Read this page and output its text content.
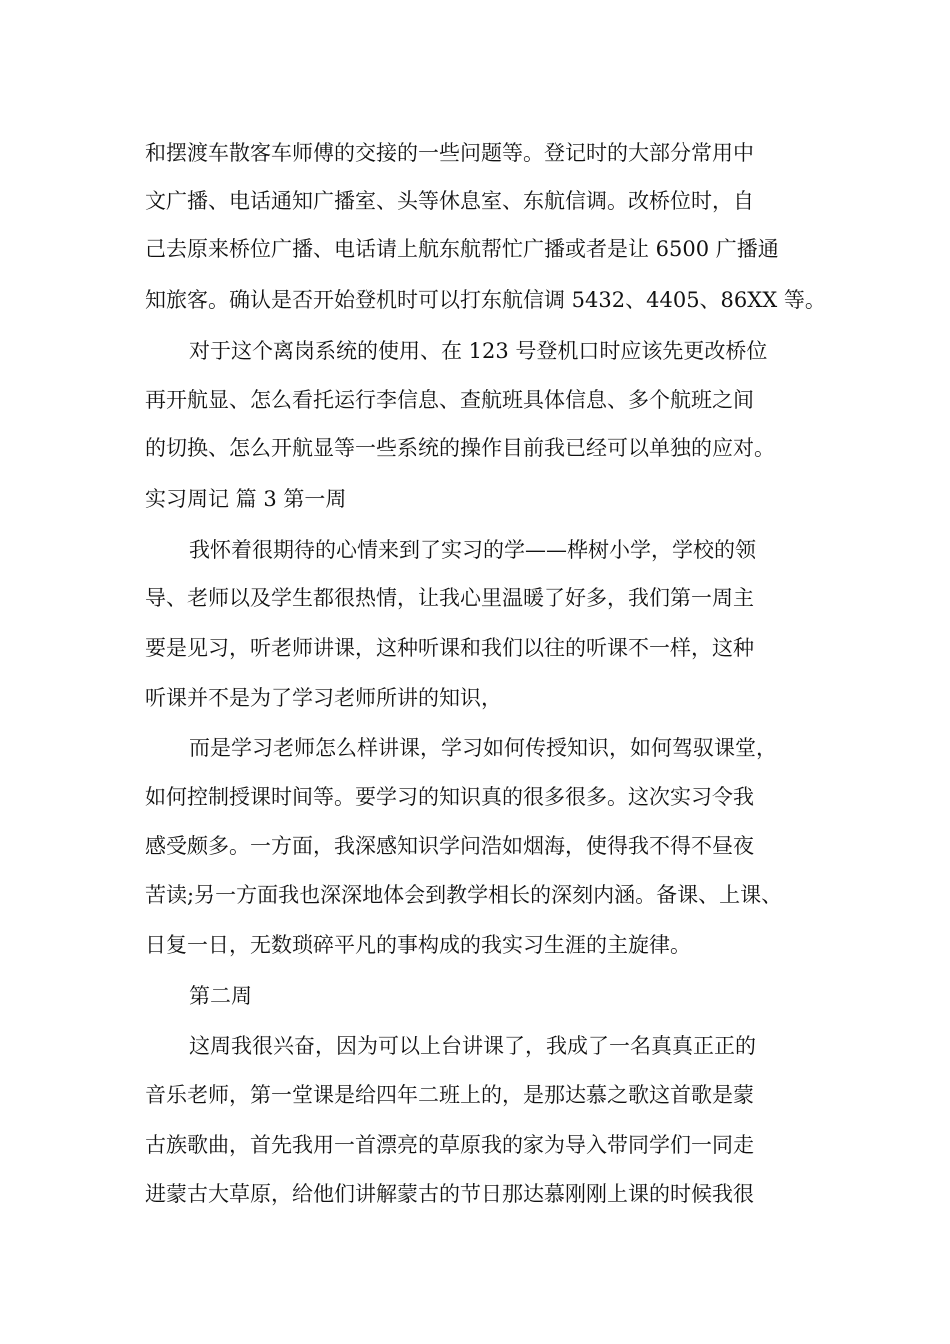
和摆渡车散客车师傅的交接的一些问题等。登记时的大部分常用中
文广播、电话通知广播室、头等休息室、东航信调。改桥位时，自
己去原来桥位广播、电话请上航东航帮忙广播或者是让 6500 广播通
知旅客。确认是否开始登机时可以打东航信调 5432、4405、86XX 等。
对于这个离岗系统的使用、在 123 号登机口时应该先更改桥位
再开航显、怎么看托运行李信息、查航班具体信息、多个航班之间
的切换、怎么开航显等一些系统的操作目前我已经可以单独的应对。
实习周记 篇 3 第一周
我怀着很期待的心情来到了实习的学——桦树小学，学校的领
导、老师以及学生都很热情，让我心里温暖了好多，我们第一周主
要是见习，听老师讲课，这种听课和我们以往的听课不一样，这种
听课并不是为了学习老师所讲的知识，
而是学习老师怎么样讲课，学习如何传授知识，如何驾驭课堂，
如何控制授课时间等。要学习的知识真的很多很多。这次实习令我
感受颇多。一方面，我深感知识学问浩如烟海，使得我不得不昼夜
苦读;另一方面我也深深地体会到教学相长的深刻内涵。备课、上课、
日复一日，无数琐碎平凡的事构成的我实习生涯的主旋律。
第二周
这周我很兴奋，因为可以上台讲课了，我成了一名真真正正的
音乐老师，第一堂课是给四年二班上的，是那达慕之歌这首歌是蒙
古族歌曲，首先我用一首漂亮的草原我的家为导入带同学们一同走
进蒙古大草原，给他们讲解蒙古的节日那达慕刚刚上课的时候我很
